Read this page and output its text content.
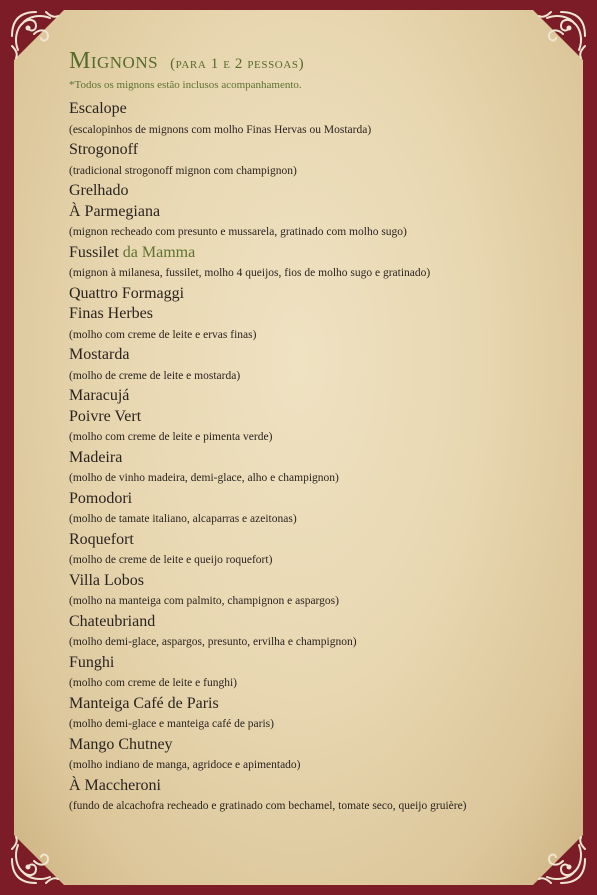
Mignons (para 1 e 2 pessoas)
*Todos os mignons estão inclusos acompanhamento.
Escalope
(escalopinhos de mignons com molho Finas Hervas ou Mostarda)
Strogonoff
(tradicional strogonoff mignon com champignon)
Grelhado
À Parmegiana
(mignon recheado com presunto e mussarela, gratinado com molho sugo)
Fussilet da Mamma
(mignon à milanesa, fussilet, molho 4 queijos, fios de molho sugo e gratinado)
Quattro Formaggi
Finas Herbes
(molho com creme de leite e ervas finas)
Mostarda
(molho de creme de leite e mostarda)
Maracujá
Poivre Vert
(molho com creme de leite e pimenta verde)
Madeira
(molho de vinho madeira, demi-glace, alho e champignon)
Pomodori
(molho de tamate italiano, alcaparras e azeitonas)
Roquefort
(molho de creme de leite e queijo roquefort)
Villa Lobos
(molho na manteiga com palmito, champignon e aspargos)
Chateubriand
(molho demi-glace, aspargos, presunto, ervilha e champignon)
Funghi
(molho com creme de leite e funghi)
Manteiga Café de Paris
(molho demi-glace e manteiga café de paris)
Mango Chutney
(molho indiano de manga, agridoce e apimentado)
À Maccheroni
(fundo de alcachofra recheado e gratinado com bechamel, tomate seco, queijo gruière)
